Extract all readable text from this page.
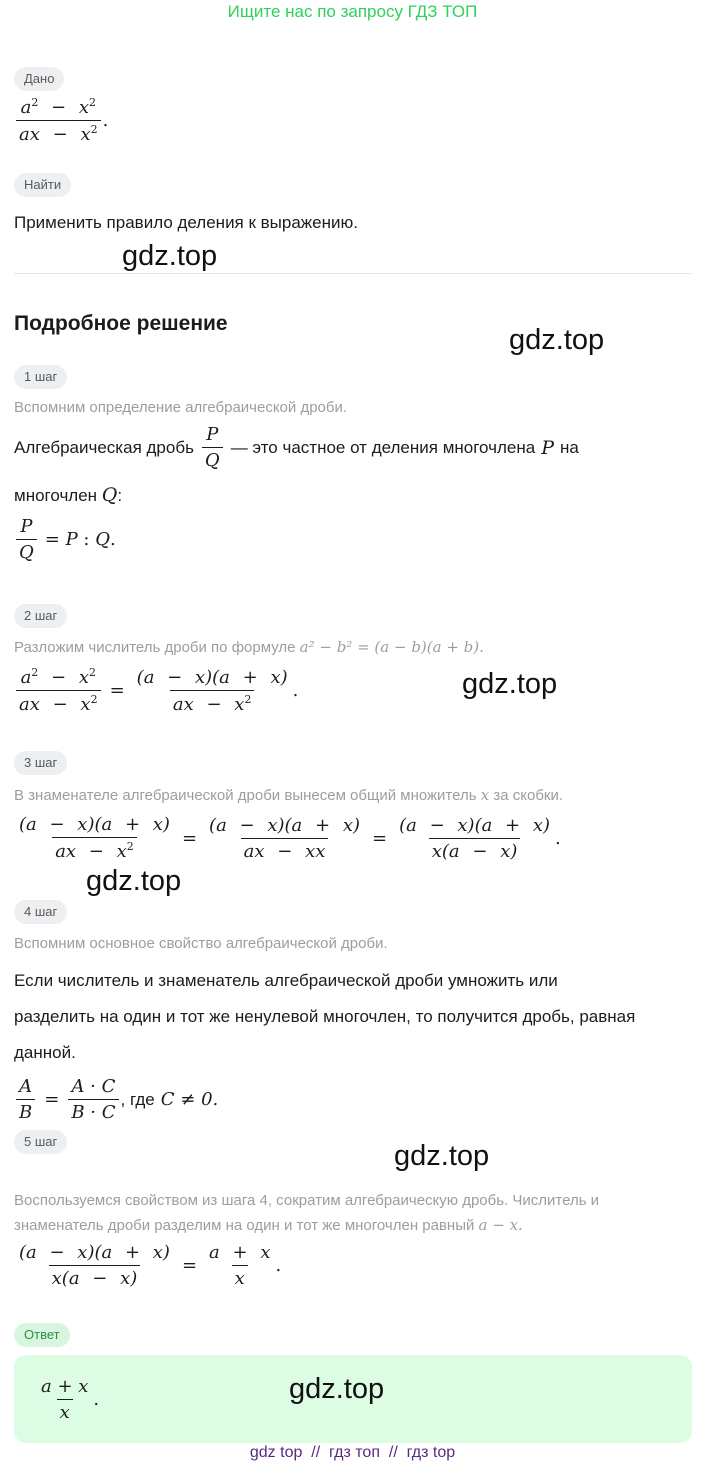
Ищите нас по запросу ГДЗ ТОП
Дано
$\frac{a^2 - x^2}{ax - x^2}$ .
Найти
Применить правило деления к выражению.
gdz.top
Подробное решение
gdz.top
1 шаг
Вспомним определение алгебраической дроби.
Алгебраическая дробь $\frac{P}{Q}$ — это частное от деления многочлена P на
многочлен Q:
$\frac{P}{Q} = P$ : Q.
2 шаг
Разложим числитель дроби по формуле a² − b² = (a − b)(a + b).
$\frac{a^2 - x^2}{ax - x^2} = \frac{(a - x)(a + x)}{ax - x^2}$ .	gdz.top
3 шаг
В знаменателе алгебраической дроби вынесем общий множитель x за скобки.
$\frac{(a - x)(a + x)}{ax - x^2} = \frac{(a - x)(a + x)}{ax - xx} = \frac{(a - x)(a + x)}{x(a - x)}$ .
gdz.top
4 шаг
Вспомним основное свойство алгебраической дроби.
Если числитель и знаменатель алгебраической дроби умножить или
разделить на один и тот же ненулевой многочлен, то получится дробь, равная
данной.
$\frac{A}{B} = \frac{A \cdot C}{B \cdot C}$ , где C ≠ 0.
5 шаг	gdz.top
Воспользуемся свойством из шага 4, сократим алгебраическую дробь. Числитель и
знаменатель дроби разделим на один и тот же многочлен равный a − x.
$\frac{(a - x)(a + x)}{x(a - x)} = \frac{a + x}{x}$ .
Ответ
$\frac{a + x}{x}$ .	gdz.top
gdz top  //  гдз топ  //  гдз top
